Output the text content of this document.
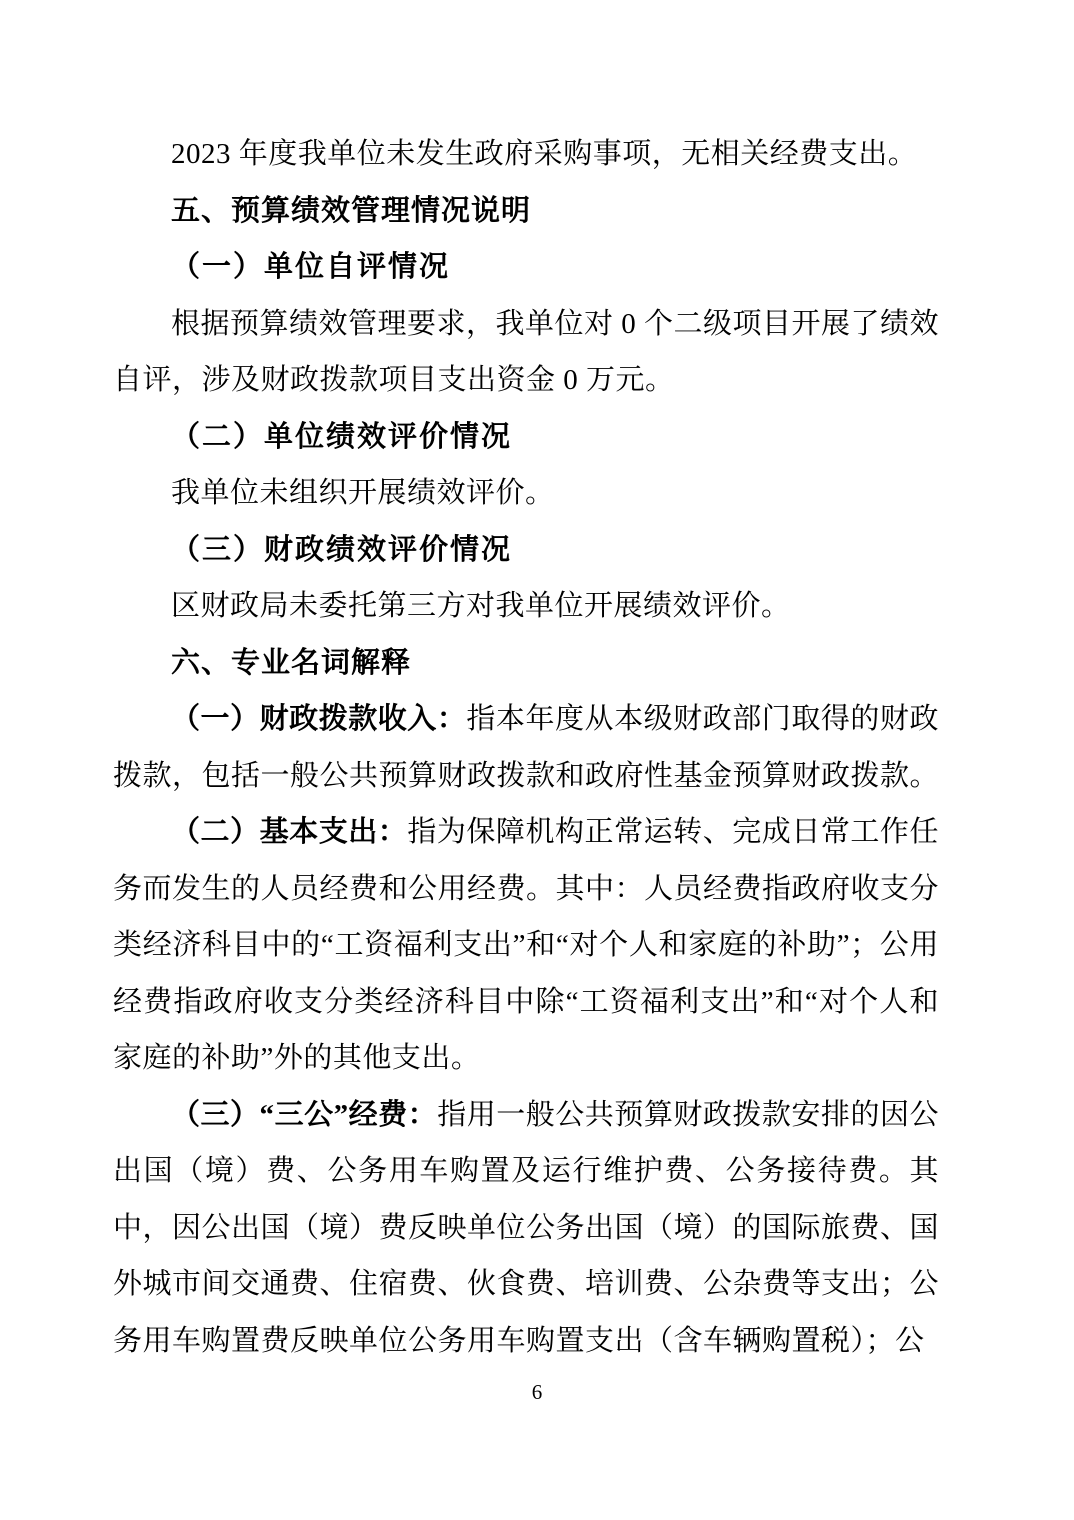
2023 年度我单位未发生政府采购事项，无相关经费支出。

五、预算绩效管理情况说明

（一）单位自评情况

根据预算绩效管理要求，我单位对 0 个二级项目开展了绩效自评，涉及财政拨款项目支出资金 0 万元。

（二）单位绩效评价情况

我单位未组织开展绩效评价。

（三）财政绩效评价情况

区财政局未委托第三方对我单位开展绩效评价。

六、专业名词解释

（一）财政拨款收入：指本年度从本级财政部门取得的财政拨款，包括一般公共预算财政拨款和政府性基金预算财政拨款。

（二）基本支出：指为保障机构正常运转、完成日常工作任务而发生的人员经费和公用经费。其中：人员经费指政府收支分类经济科目中的“工资福利支出”和“对个人和家庭的补助”；公用经费指政府收支分类经济科目中除“工资福利支出”和“对个人和家庭的补助”外的其他支出。

（三）“三公”经费：指用一般公共预算财政拨款安排的因公出国（境）费、公务用车购置及运行维护费、公务接待费。其中，因公出国（境）费反映单位公务出国（境）的国际旅费、国外城市间交通费、住宿费、伙食费、培训费、公杂费等支出；公务用车购置费反映单位公务用车购置支出（含车辆购置税）；公

6
